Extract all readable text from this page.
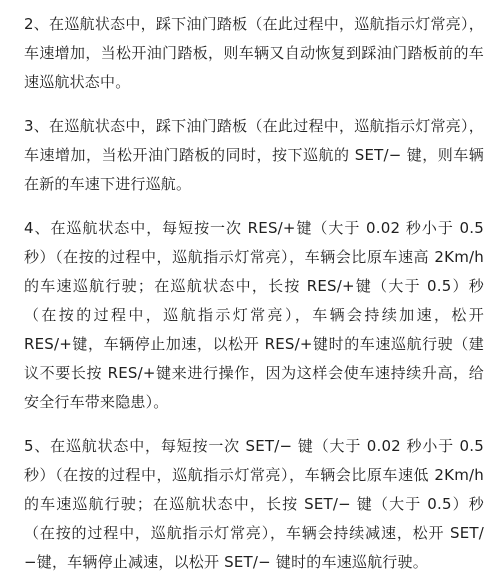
2、在巡航状态中，踩下油门踏板（在此过程中，巡航指示灯常亮），车速增加，当松开油门踏板，则车辆又自动恢复到踩油门踏板前的车速巡航状态中。

3、在巡航状态中，踩下油门踏板（在此过程中，巡航指示灯常亮），车速增加，当松开油门踏板的同时，按下巡航的 SET/− 键，则车辆在新的车速下进行巡航。

4、在巡航状态中，每短按一次 RES/+键（大于 0.02 秒小于 0.5 秒）（在按的过程中，巡航指示灯常亮），车辆会比原车速高 2Km/h 的车速巡航行驶；在巡航状态中，长按 RES/+键（大于 0.5）秒（在按的过程中，巡航指示灯常亮），车辆会持续加速，松开 RES/+键，车辆停止加速，以松开 RES/+键时的车速巡航行驶（建议不要长按 RES/+键来进行操作，因为这样会使车速持续升高，给安全行车带来隐患）。

5、在巡航状态中，每短按一次 SET/− 键（大于 0.02 秒小于 0.5 秒）（在按的过程中，巡航指示灯常亮），车辆会比原车速低 2Km/h 的车速巡航行驶；在巡航状态中，长按 SET/− 键（大于 0.5）秒（在按的过程中，巡航指示灯常亮），车辆会持续减速，松开 SET/−键，车辆停止减速，以松开 SET/− 键时的车速巡航行驶。
